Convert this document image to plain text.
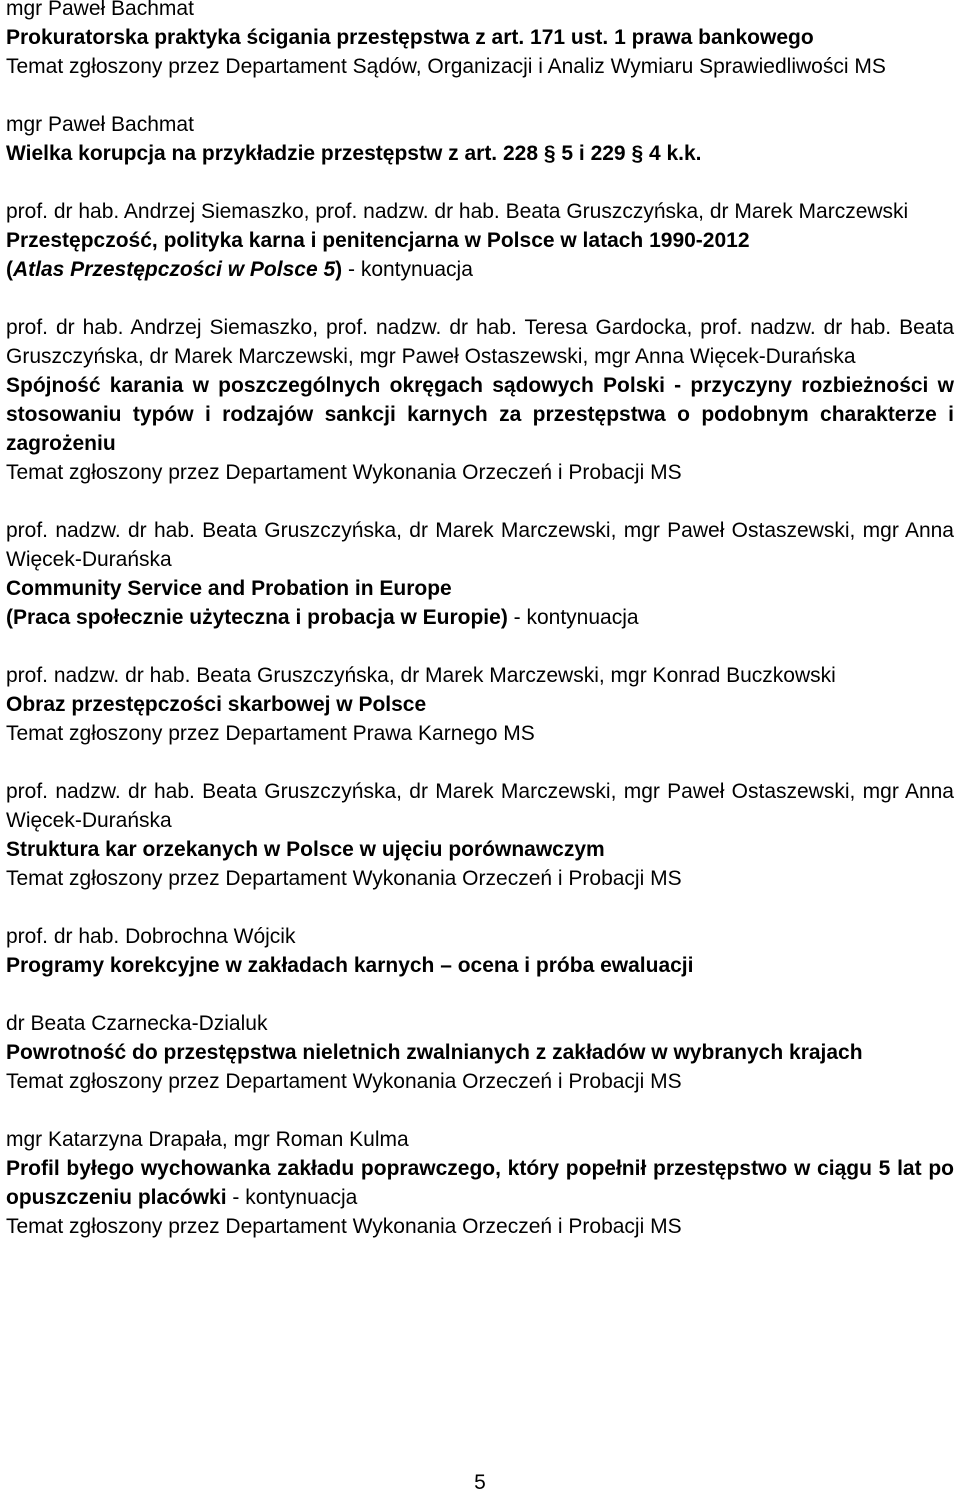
mgr Paweł Bachmat
Prokuratorska praktyka ścigania przestępstwa z art. 171 ust. 1 prawa bankowego
Temat zgłoszony przez Departament Sądów, Organizacji i Analiz Wymiaru Sprawiedliwości MS
mgr Paweł Bachmat
Wielka korupcja na przykładzie przestępstw z art. 228 § 5 i 229 § 4 k.k.
prof. dr hab. Andrzej Siemaszko, prof. nadzw. dr hab. Beata Gruszczyńska, dr Marek Marczewski
Przestępczość, polityka karna i penitencjarna w Polsce w latach 1990-2012
(Atlas Przestępczości w Polsce 5) - kontynuacja
prof. dr hab. Andrzej Siemaszko, prof. nadzw. dr hab. Teresa Gardocka, prof. nadzw. dr hab. Beata Gruszczyńska, dr Marek Marczewski, mgr Paweł Ostaszewski, mgr Anna Więcek-Durańska
Spójność karania w poszczególnych okręgach sądowych Polski - przyczyny rozbieżności w stosowaniu typów i rodzajów sankcji karnych za przestępstwa o podobnym charakterze i zagrożeniu
Temat zgłoszony przez Departament Wykonania Orzeczeń i Probacji MS
prof. nadzw. dr hab. Beata Gruszczyńska, dr Marek Marczewski, mgr Paweł Ostaszewski, mgr Anna Więcek-Durańska
Community Service and Probation in Europe
(Praca społecznie użyteczna i probacja w Europie) - kontynuacja
prof. nadzw. dr hab. Beata Gruszczyńska, dr Marek Marczewski, mgr Konrad Buczkowski
Obraz przestępczości skarbowej w Polsce
Temat zgłoszony przez Departament Prawa Karnego MS
prof. nadzw. dr hab. Beata Gruszczyńska, dr Marek Marczewski, mgr Paweł Ostaszewski, mgr Anna Więcek-Durańska
Struktura kar orzekanych w Polsce w ujęciu porównawczym
Temat zgłoszony przez Departament Wykonania Orzeczeń i Probacji MS
prof. dr hab. Dobrochna Wójcik
Programy korekcyjne w zakładach karnych – ocena i próba ewaluacji
dr Beata Czarnecka-Dzialuk
Powrotność do przestępstwa nieletnich zwalnianych z zakładów w wybranych krajach
Temat zgłoszony przez Departament Wykonania Orzeczeń i Probacji MS
mgr Katarzyna Drapała, mgr Roman Kulma
Profil byłego wychowanka zakładu poprawczego, który popełnił przestępstwo w ciągu 5 lat po opuszczeniu placówki - kontynuacja
Temat zgłoszony przez Departament Wykonania Orzeczeń i Probacji MS
5
